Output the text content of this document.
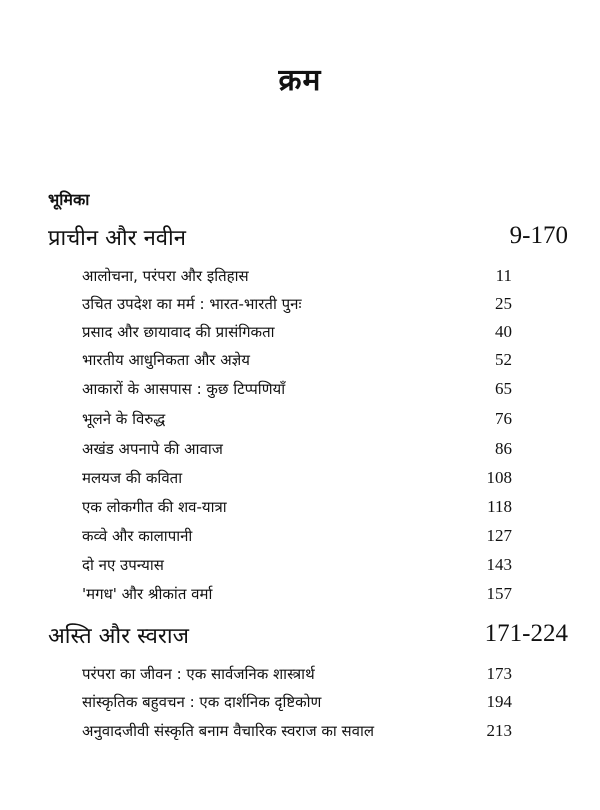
क्रम
भूमिका
प्राचीन और नवीन	9-170
आलोचना, परंपरा और इतिहास	11
उचित उपदेश का मर्म : भारत-भारती पुनः	25
प्रसाद और छायावाद की प्रासंगिकता	40
भारतीय आधुनिकता और अज्ञेय	52
आकारों के आसपास : कुछ टिप्पणियाँ	65
भूलने के विरुद्ध	76
अखंड अपनापे की आवाज	86
मलयज की कविता	108
एक लोकगीत की शव-यात्रा	118
कव्वे और कालापानी	127
दो नए उपन्यास	143
'मगध' और श्रीकांत वर्मा	157
अस्ति और स्वराज	171-224
परंपरा का जीवन : एक सार्वजनिक शास्त्रार्थ	173
सांस्कृतिक बहुवचन : एक दार्शनिक दृष्टिकोण	194
अनुवादजीवी संस्कृति बनाम वैचारिक स्वराज का सवाल	213
